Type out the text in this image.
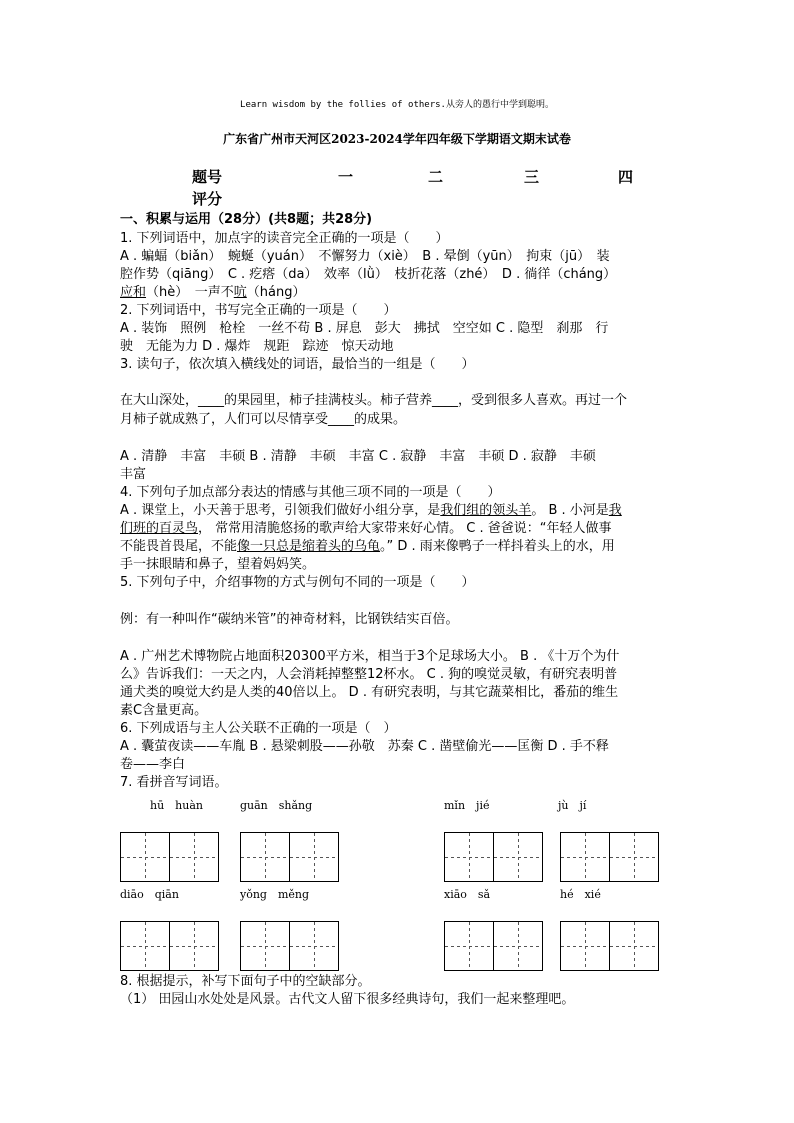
Learn wisdom by the follies of others.从旁人的愚行中学到聪明。
广东省广州市天河区2023-2024学年四年级下学期语文期末试卷
题号	一	二	三	四
评分
一、积累与运用（28分）(共8题；共28分)
1. 下列词语中，加点字的读音完全正确的一项是（　　）
A . 蝙蝠（biǎn）　蜿蜒（yuán）　不懈努力（xiè）　B . 晕倒（yūn）　拘束（jū）　装
腔作势（qiāng）　C . 疙瘩（da）　效率（lǜ）　枝折花落（zhé）　D . 徜徉（cháng）
应和（hè）　一声不吭（háng）
2. 下列词语中，书写完全正确的一项是（　　）
A . 装饰　照例　枪栓　一丝不苟 B . 屏息　彭大　拂拭　空空如 C . 隐型　刹那　行
驶　无能为力 D . 爆炸　规距　踪迹　惊天动地
3. 读句子，依次填入横线处的词语，最恰当的一组是（　　）
在大山深处，____的果园里，柿子挂满枝头。柿子营养____，受到很多人喜欢。再过一个
月柿子就成熟了，人们可以尽情享受____的成果。
A . 清静　丰富　丰硕 B . 清静　丰硕　丰富 C . 寂静　丰富　丰硕 D . 寂静　丰硕
丰富
4. 下列句子加点部分表达的情感与其他三项不同的一项是（　　）
A . 课堂上，小天善于思考，引领我们做好小组分享，是我们组的领头羊。 B . 小河是我
们班的百灵鸟， 常常用清脆悠扬的歌声给大家带来好心情。 C . 爸爸说：“年轻人做事
不能畏首畏尾，不能像一只总是缩着头的乌龟。” D . 雨来像鸭子一样抖着头上的水，用
手一抹眼睛和鼻子，望着妈妈笑。
5. 下列句子中，介绍事物的方式与例句不同的一项是（　　）
例：有一种叫作“碳纳米管”的神奇材料，比钢铁结实百倍。
A . 广州艺术博物院占地面积20300平方米，相当于3个足球场大小。 B . 《十万个为什
么》告诉我们：一天之内，人会消耗掉整整12杯水。 C . 狗的嗅觉灵敏，有研究表明普
通犬类的嗅觉大约是人类的40倍以上。 D . 有研究表明，与其它蔬菜相比，番茄的维生
素C含量更高。
6. 下列成语与主人公关联不正确的一项是（　）
A . 囊萤夜读——车胤 B . 悬梁刺股——孙敬　苏秦 C . 凿壁偷光——匡衡 D . 手不释
卷——李白
7. 看拼音写词语。
hū　huàn	guān　shǎng	mǐn　jié	jù　jí
diāo　qiān	yǒng　měng	xiāo　sǎ	hé　xié
8. 根据提示，补写下面句子中的空缺部分。
（1） 田园山水处处是风景。古代文人留下很多经典诗句，我们一起来整理吧。
